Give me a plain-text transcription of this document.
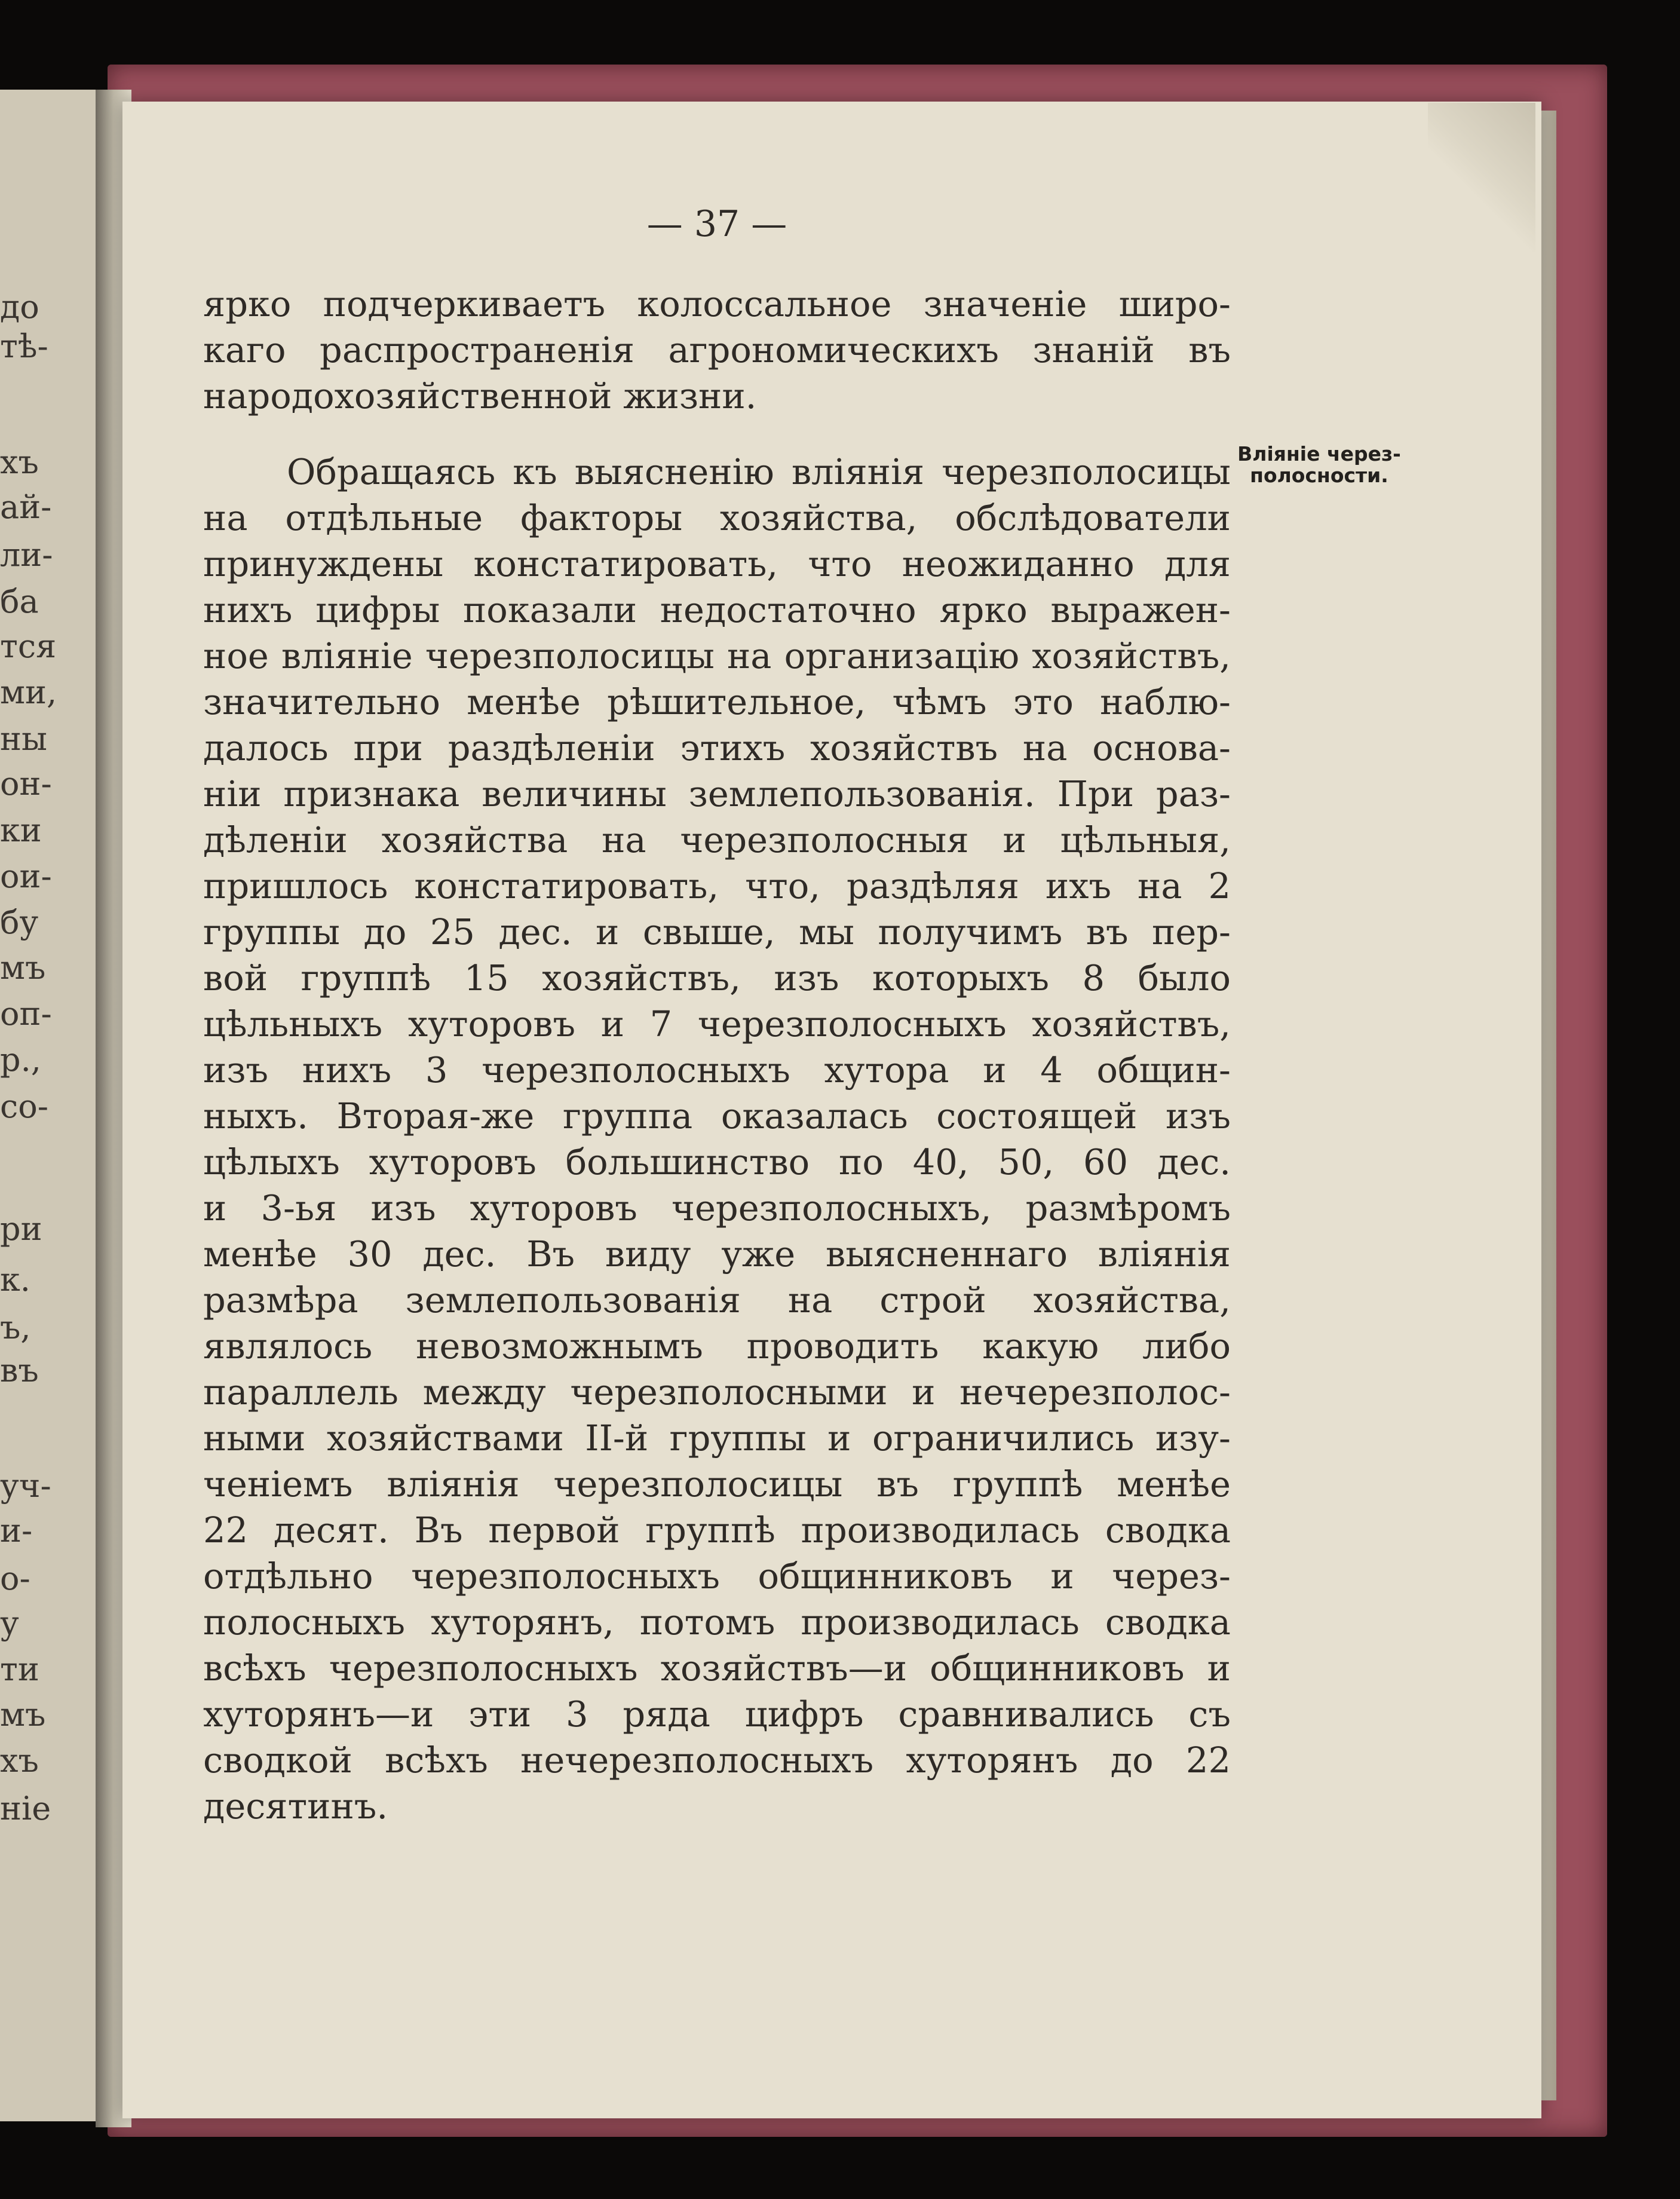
до
тѣ-
хъ
ай-
ли-
ба
тся
ми,
ны
он-
ки
ои-
бу
мъ
оп-
р.,
со-
ри
к.
ъ,
въ
уч-
и-
о-
у
ти
мъ
хъ
ніе
— 37 —
Вліяніе через-
полосности.
ярко подчеркиваетъ колоссальное значеніе широ-
каго распространенія агрономическихъ знаній въ
народохозяйственной жизни.
Обращаясь къ выясненію вліянія черезполосицы
на отдѣльные факторы хозяйства, обслѣдователи
принуждены констатировать, что неожиданно для
нихъ цифры показали недостаточно ярко выражен-
ное вліяніе черезполосицы на организацію хозяйствъ,
значительно менѣе рѣшительное, чѣмъ это наблю-
далось при раздѣленіи этихъ хозяйствъ на основа-
ніи признака величины землепользованія. При раз-
дѣленіи хозяйства на черезполосныя и цѣльныя,
пришлось констатировать, что, раздѣляя ихъ на 2
группы до 25 дес. и свыше, мы получимъ въ пер-
вой группѣ 15 хозяйствъ, изъ которыхъ 8 было
цѣльныхъ хуторовъ и 7 черезполосныхъ хозяйствъ,
изъ нихъ 3 черезполосныхъ хутора и 4 общин-
ныхъ. Вторая-же группа оказалась состоящей изъ
цѣлыхъ хуторовъ большинство по 40, 50, 60 дес.
и 3-ья изъ хуторовъ черезполосныхъ, размѣромъ
менѣе 30 дес. Въ виду уже выясненнаго вліянія
размѣра землепользованія на строй хозяйства,
являлось невозможнымъ проводить какую либо
параллель между черезполосными и нечерезполос-
ными хозяйствами II-й группы и ограничились изу-
ченіемъ вліянія черезполосицы въ группѣ менѣе
22 десят. Въ первой группѣ производилась сводка
отдѣльно черезполосныхъ общинниковъ и через-
полосныхъ хуторянъ, потомъ производилась сводка
всѣхъ черезполосныхъ хозяйствъ—и общинниковъ и
хуторянъ—и эти 3 ряда цифръ сравнивались съ
сводкой всѣхъ нечерезполосныхъ хуторянъ до 22
десятинъ.
